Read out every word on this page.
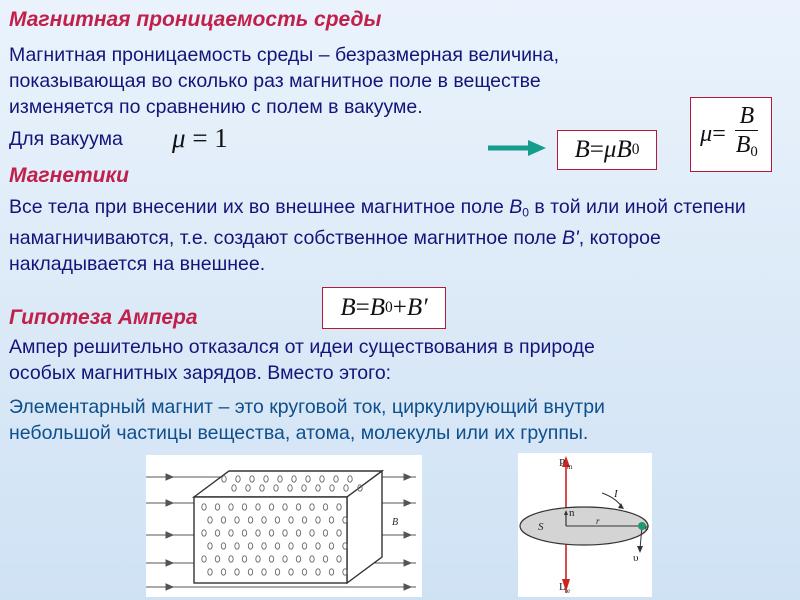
Магнитная проницаемость среды
Магнитная проницаемость среды – безразмерная величина,
показывающая во сколько раз магнитное поле в веществе
изменяется по сравнению с полем в вакууме.
Для вакуума μ = 1	B = μ B 0
$\mu = \frac{B}{B_0}$
Магнетики
Все тела при внесении их во внешнее магнитное поле $B_0$ в той или иной степени намагничиваются, т.е. создают собственное магнитное поле B', которое накладывается на внешнее.
B = B 0 + B′
Гипотеза Ампера
Ампер решительно отказался от идеи существования в природе
особых магнитных зарядов. Вместо этого:
Элементарный магнит – это круговой ток, циркулирующий внутри
небольшой частицы вещества, атома, молекулы или их группы.
B
P m
I
n
S	r
e
υ
L e
